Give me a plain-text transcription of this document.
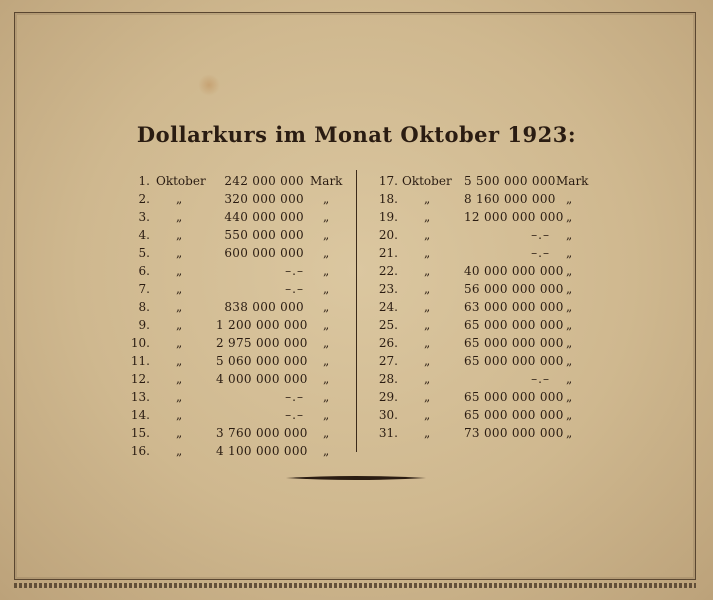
Dollarkurs im Monat Oktober 1923:
1. Oktober	242 000 000 Mark
2. „	320 000 000 „
3. „	440 000 000 „
4. „	550 000 000 „
5. „	600 000 000 „
6. „	–.– „
7. „	–.– „
8. „	838 000 000 „
9. „	1 200 000 000 „
10. „	2 975 000 000 „
11. „	5 060 000 000 „
12. „	4 000 000 000 „
13. „	–.– „
14. „	–.– „
15. „	3 760 000 000 „
16. „	4 100 000 000 „
17. Oktober	5 500 000 000 Mark
18. „	8 160 000 000 „
19. „	12 000 000 000 „
20. „	–.– „
21. „	–.– „
22. „	40 000 000 000 „
23. „	56 000 000 000 „
24. „	63 000 000 000 „
25. „	65 000 000 000 „
26. „	65 000 000 000 „
27. „	65 000 000 000 „
28. „	–.– „
29. „	65 000 000 000 „
30. „	65 000 000 000 „
31. „	73 000 000 000 „
